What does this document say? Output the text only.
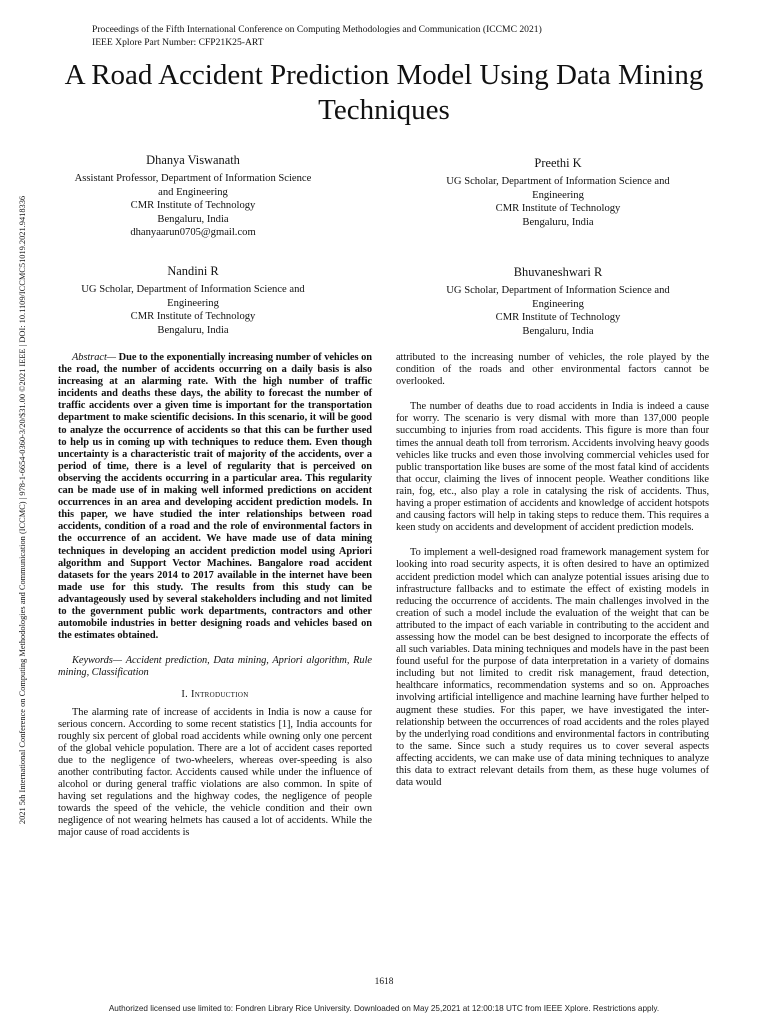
Proceedings of the Fifth International Conference on Computing Methodologies and Communication (ICCMC 2021)
IEEE Xplore Part Number: CFP21K25-ART
A Road Accident Prediction Model Using Data Mining Techniques
2021 5th International Conference on Computing Methodologies and Communication (ICCMC) | 978-1-6654-0360-3/20/$31.00 ©2021 IEEE | DOI: 10.1109/ICCMC51019.2021.9418336
Dhanya Viswanath
Assistant Professor, Department of Information Science
and Engineering
CMR Institute of Technology
Bengaluru, India
dhanyaarun0705@gmail.com
Preethi K
UG Scholar, Department of Information Science and
Engineering
CMR Institute of Technology
Bengaluru, India
Nandini R
UG Scholar, Department of Information Science and
Engineering
CMR Institute of Technology
Bengaluru, India
Bhuvaneshwari R
UG Scholar, Department of Information Science and
Engineering
CMR Institute of Technology
Bengaluru, India

Abstract— Due to the exponentially increasing number of vehicles on the road, the number of accidents occurring on a daily basis is also increasing at an alarming rate. With the high number of traffic incidents and deaths these days, the ability to forecast the number of traffic accidents over a given time is important for the transportation department to make scientific decisions. In this scenario, it will be good to analyze the occurrence of accidents so that this can be further used to help us in coming up with techniques to reduce them. Even though uncertainty is a characteristic trait of majority of the accidents, over a period of time, there is a level of regularity that is perceived on observing the accidents occurring in a particular area. This regularity can be made use of in making well informed predictions on accident occurrences in an area and developing accident prediction models. In this paper, we have studied the inter relationships between road accidents, condition of a road and the role of environmental factors in the occurrence of an accident. We have made use of data mining techniques in developing an accident prediction model using Apriori algorithm and Support Vector Machines. Bangalore road accident datasets for the years 2014 to 2017 available in the internet have been made use for this study. The results from this study can be advantageously used by several stakeholders including and not limited to the government public work departments, contractors and other automobile industries in better designing roads and vehicles based on the estimates obtained.

Keywords— Accident prediction, Data mining, Apriori algorithm, Rule mining, Classification

I. Introduction

The alarming rate of increase of accidents in India is now a cause for serious concern. According to some recent statistics [1], India accounts for roughly six percent of global road accidents while owning only one percent of the global vehicle population. There are a lot of accident cases reported due to the negligence of two-wheelers, whereas over-speeding is also another contributing factor. Accidents caused while under the influence of alcohol or during general traffic violations are also common. In spite of having set regulations and the highway codes, the negligence of people towards the speed of the vehicle, the vehicle condition and their own negligence of not wearing helmets has caused a lot of accidents. While the major cause of road accidents is

attributed to the increasing number of vehicles, the role played by the condition of the roads and other environmental factors cannot be overlooked.

The number of deaths due to road accidents in India is indeed a cause for worry. The scenario is very dismal with more than 137,000 people succumbing to injuries from road accidents. This figure is more than four times the annual death toll from terrorism. Accidents involving heavy goods vehicles like trucks and even those involving commercial vehicles used for public transportation like buses are some of the most fatal kind of accidents that occur, claiming the lives of innocent people. Weather conditions like rain, fog, etc., also play a role in catalysing the risk of accidents. Thus, having a proper estimation of accidents and knowledge of accident hotspots and causing factors will help in taking steps to reduce them. This requires a keen study on accidents and development of accident prediction models.

To implement a well-designed road framework management system for looking into road security aspects, it is often desired to have an optimized accident prediction model which can analyze potential issues arising due to infrastructure fallbacks and to estimate the effect of existing models in reducing the occurrence of accidents. The main challenges involved in the creation of such a model include the evaluation of the weight that can be attributed to the impact of each variable in contributing to the accident and assessing how the model can be best designed to incorporate the effects of all such variables. Data mining techniques and models have in the past been found useful for the purpose of data interpretation in a variety of domains including but not limited to credit risk management, fraud detection, healthcare informatics, recommendation systems and so on. Approaches involving artificial intelligence and machine learning have further helped to augment these studies. For this paper, we have investigated the inter-relationship between the occurrences of road accidents and the roles played by the underlying road conditions and environmental factors in contributing to the same. Since such a study requires us to cover several aspects affecting accidents, we can make use of data mining techniques to analyze this data to extract relevant details from them, as these huge volumes of data would

1618
Authorized licensed use limited to: Fondren Library Rice University. Downloaded on May 25,2021 at 12:00:18 UTC from IEEE Xplore. Restrictions apply.
